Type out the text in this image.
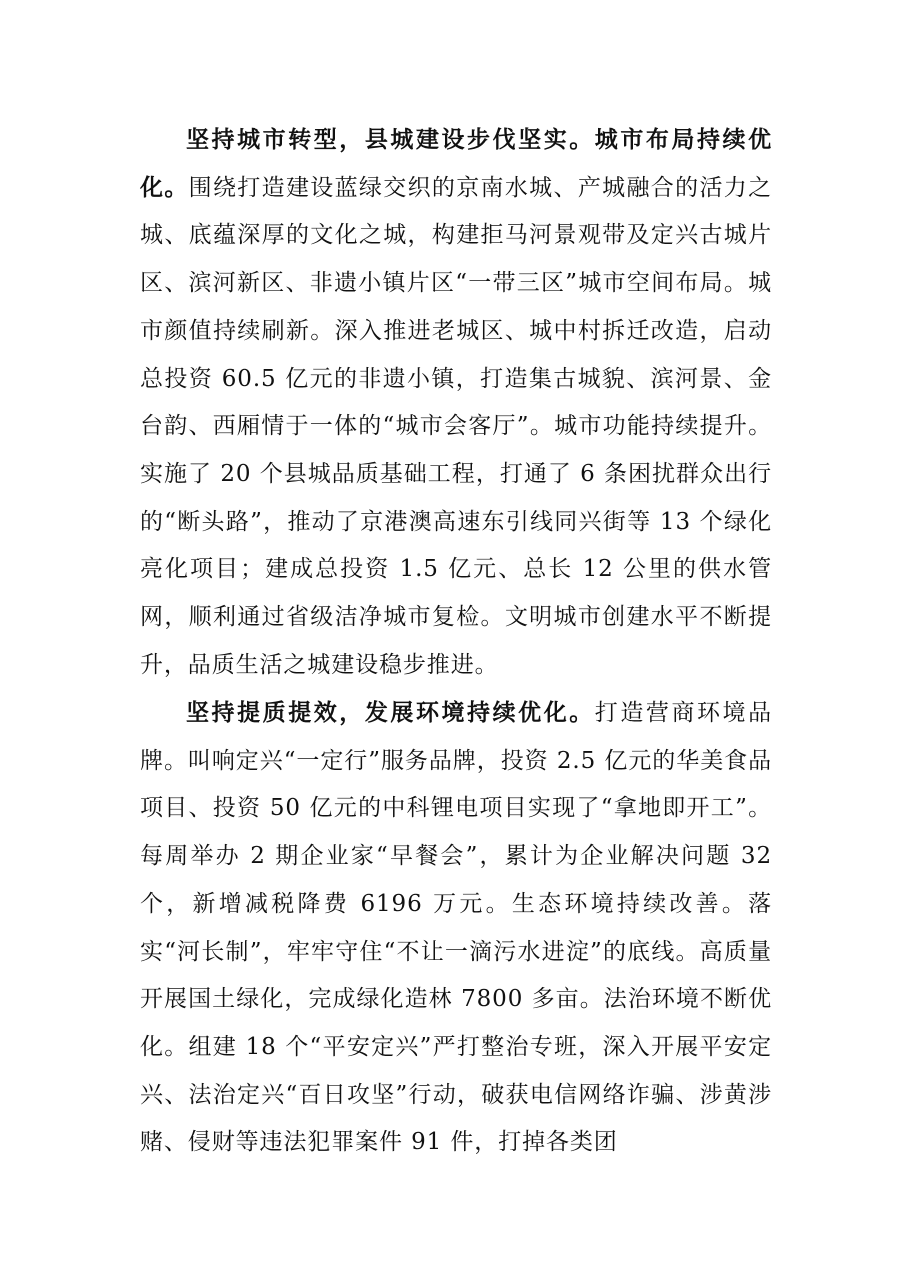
坚持城市转型，县城建设步伐坚实。城市布局持续优化。围绕打造建设蓝绿交织的京南水城、产城融合的活力之城、底蕴深厚的文化之城，构建拒马河景观带及定兴古城片区、滨河新区、非遗小镇片区“一带三区”城市空间布局。城市颜值持续刷新。深入推进老城区、城中村拆迁改造，启动总投资 60.5 亿元的非遗小镇，打造集古城貌、滨河景、金台韵、西厢情于一体的“城市会客厅”。城市功能持续提升。实施了 20 个县城品质基础工程，打通了 6 条困扰群众出行的“断头路”，推动了京港澳高速东引线同兴街等 13 个绿化亮化项目；建成总投资 1.5 亿元、总长 12 公里的供水管网，顺利通过省级洁净城市复检。文明城市创建水平不断提升，品质生活之城建设稳步推进。

坚持提质提效，发展环境持续优化。打造营商环境品牌。叫响定兴“一定行”服务品牌，投资 2.5 亿元的华美食品项目、投资 50 亿元的中科锂电项目实现了“拿地即开工”。每周举办 2 期企业家“早餐会”，累计为企业解决问题 32 个，新增减税降费 6196 万元。生态环境持续改善。落实“河长制”，牢牢守住“不让一滴污水进淀”的底线。高质量开展国土绿化，完成绿化造林 7800 多亩。法治环境不断优化。组建 18 个“平安定兴”严打整治专班，深入开展平安定兴、法治定兴“百日攻坚”行动，破获电信网络诈骗、涉黄涉赌、侵财等违法犯罪案件 91 件，打掉各类团
